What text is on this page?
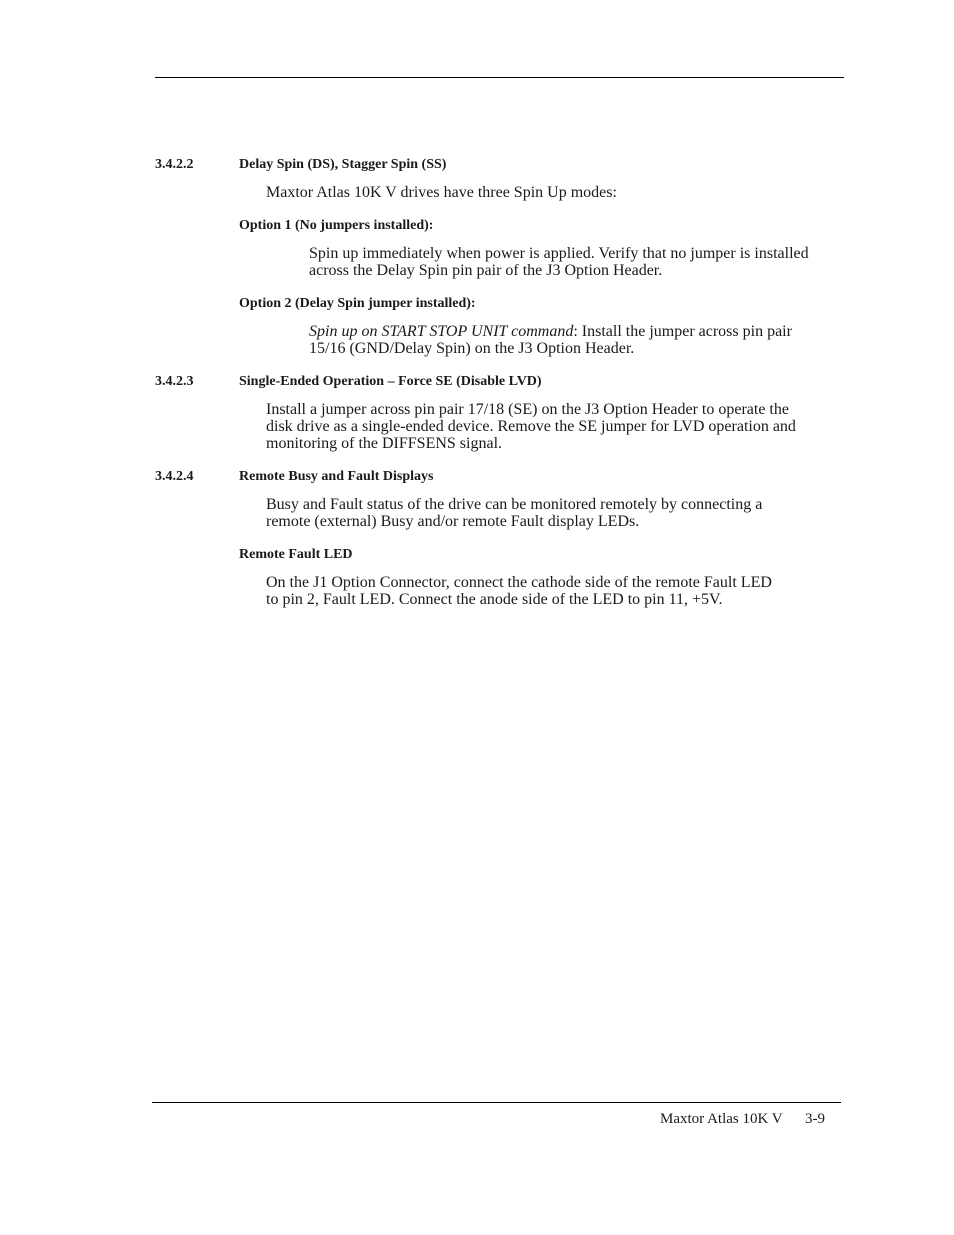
3.4.2.2	Delay Spin (DS), Stagger Spin (SS)
Maxtor Atlas 10K V drives have three Spin Up modes:
Option 1 (No jumpers installed):
Spin up immediately when power is applied. Verify that no jumper is installed
across the Delay Spin pin pair of the J3 Option Header.
Option 2 (Delay Spin jumper installed):
Spin up on START STOP UNIT command: Install the jumper across pin pair
15/16 (GND/Delay Spin) on the J3 Option Header.
3.4.2.3	Single-Ended Operation – Force SE (Disable LVD)
Install a jumper across pin pair 17/18 (SE) on the J3 Option Header to operate the
disk drive as a single-ended device. Remove the SE jumper for LVD operation and
monitoring of the DIFFSENS signal.
3.4.2.4	Remote Busy and Fault Displays
Busy and Fault status of the drive can be monitored remotely by connecting a
remote (external) Busy and/or remote Fault display LEDs.
Remote Fault LED
On the J1 Option Connector, connect the cathode side of the remote Fault LED
to pin 2, Fault LED. Connect the anode side of the LED to pin 11, +5V.
Maxtor Atlas 10K V 3-9
